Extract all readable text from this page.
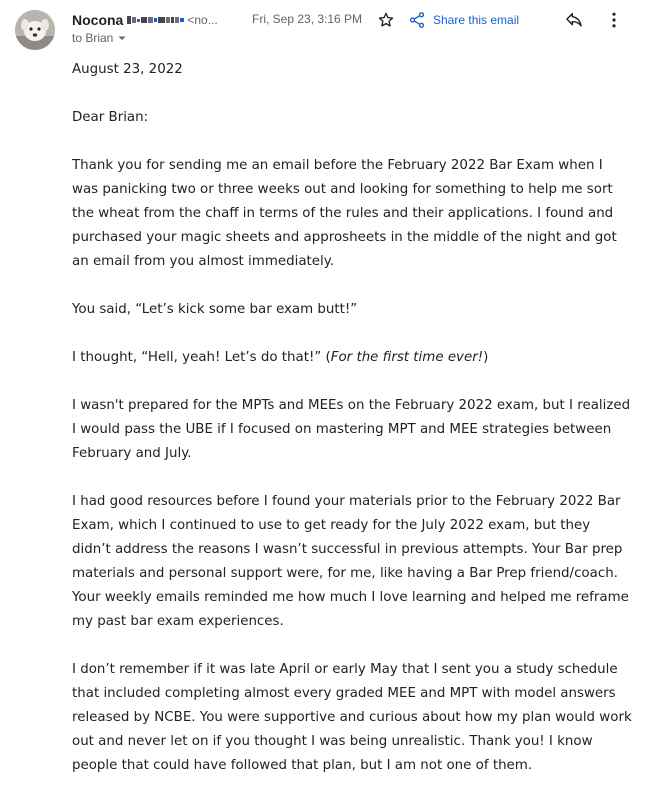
Nocona	<no...	Fri, Sep 23, 3:16 PM	Share this email
to Brian

August 23, 2022

Dear Brian:

Thank you for sending me an email before the February 2022 Bar Exam when I was panicking two or three weeks out and looking for something to help me sort the wheat from the chaff in terms of the rules and their applications. I found and purchased your magic sheets and approsheets in the middle of the night and got an email from you almost immediately.

You said, “Let’s kick some bar exam butt!”

I thought, “Hell, yeah! Let’s do that!” (For the first time ever!)

I wasn't prepared for the MPTs and MEEs on the February 2022 exam, but I realized I would pass the UBE if I focused on mastering MPT and MEE strategies between February and July.

I had good resources before I found your materials prior to the February 2022 Bar Exam, which I continued to use to get ready for the July 2022 exam, but they didn’t address the reasons I wasn’t successful in previous attempts. Your Bar prep materials and personal support were, for me, like having a Bar Prep friend/coach. Your weekly emails reminded me how much I love learning and helped me reframe my past bar exam experiences.

I don’t remember if it was late April or early May that I sent you a study schedule that included completing almost every graded MEE and MPT with model answers released by NCBE. You were supportive and curious about how my plan would work out and never let on if you thought I was being unrealistic. Thank you! I know people that could have followed that plan, but I am not one of them.
